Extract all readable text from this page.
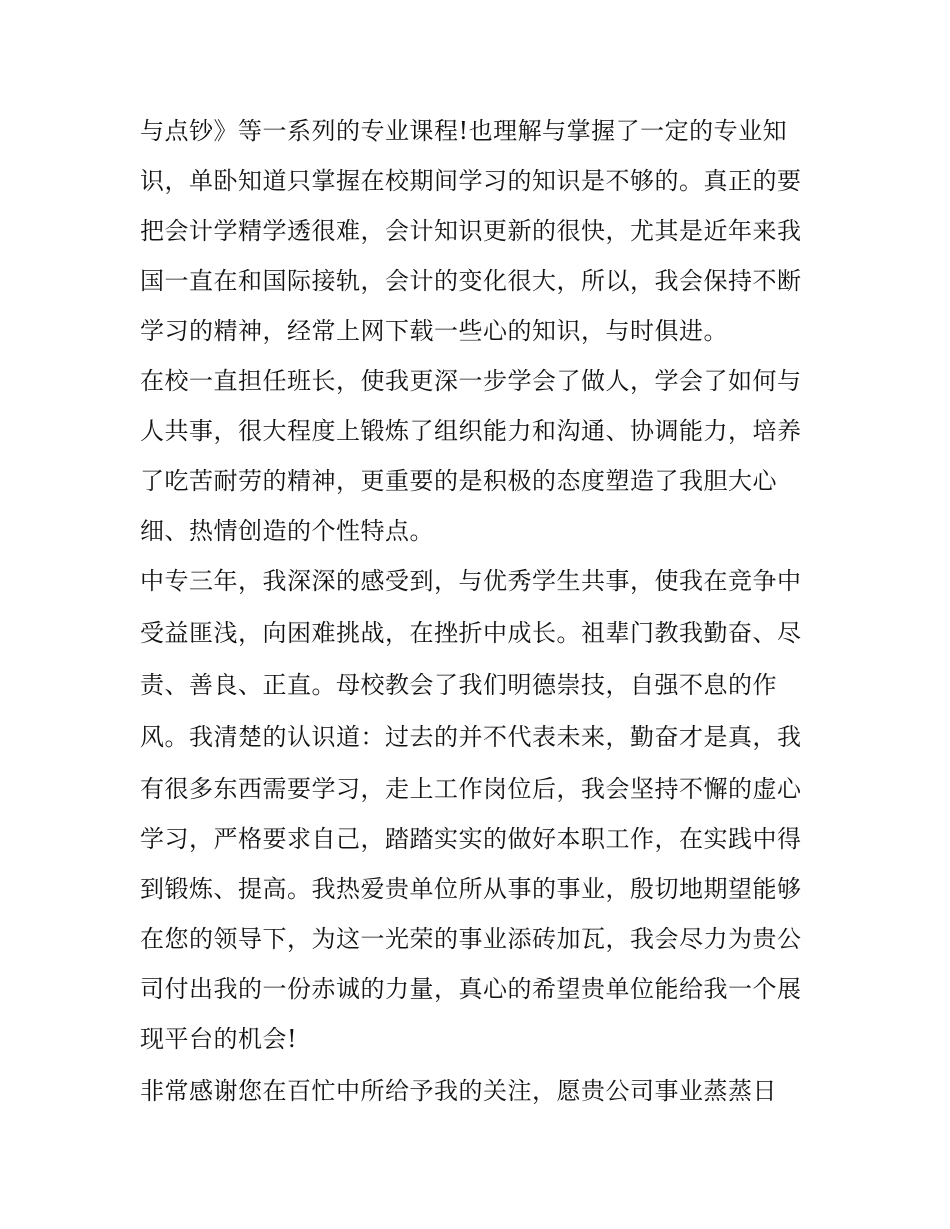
与点钞》等一系列的专业课程!也理解与掌握了一定的专业知
识，单卧知道只掌握在校期间学习的知识是不够的。真正的要
把会计学精学透很难，会计知识更新的很快，尤其是近年来我
国一直在和国际接轨，会计的变化很大，所以，我会保持不断
学习的精神，经常上网下载一些心的知识，与时俱进。
在校一直担任班长，使我更深一步学会了做人，学会了如何与
人共事，很大程度上锻炼了组织能力和沟通、协调能力，培养
了吃苦耐劳的精神，更重要的是积极的态度塑造了我胆大心
细、热情创造的个性特点。
中专三年，我深深的感受到，与优秀学生共事，使我在竞争中
受益匪浅，向困难挑战，在挫折中成长。祖辈门教我勤奋、尽
责、善良、正直。母校教会了我们明德崇技，自强不息的作
风。我清楚的认识道：过去的并不代表未来，勤奋才是真，我
有很多东西需要学习，走上工作岗位后，我会坚持不懈的虚心
学习，严格要求自己，踏踏实实的做好本职工作，在实践中得
到锻炼、提高。我热爱贵单位所从事的事业，殷切地期望能够
在您的领导下，为这一光荣的事业添砖加瓦，我会尽力为贵公
司付出我的一份赤诚的力量，真心的希望贵单位能给我一个展
现平台的机会!
非常感谢您在百忙中所给予我的关注，愿贵公司事业蒸蒸日
